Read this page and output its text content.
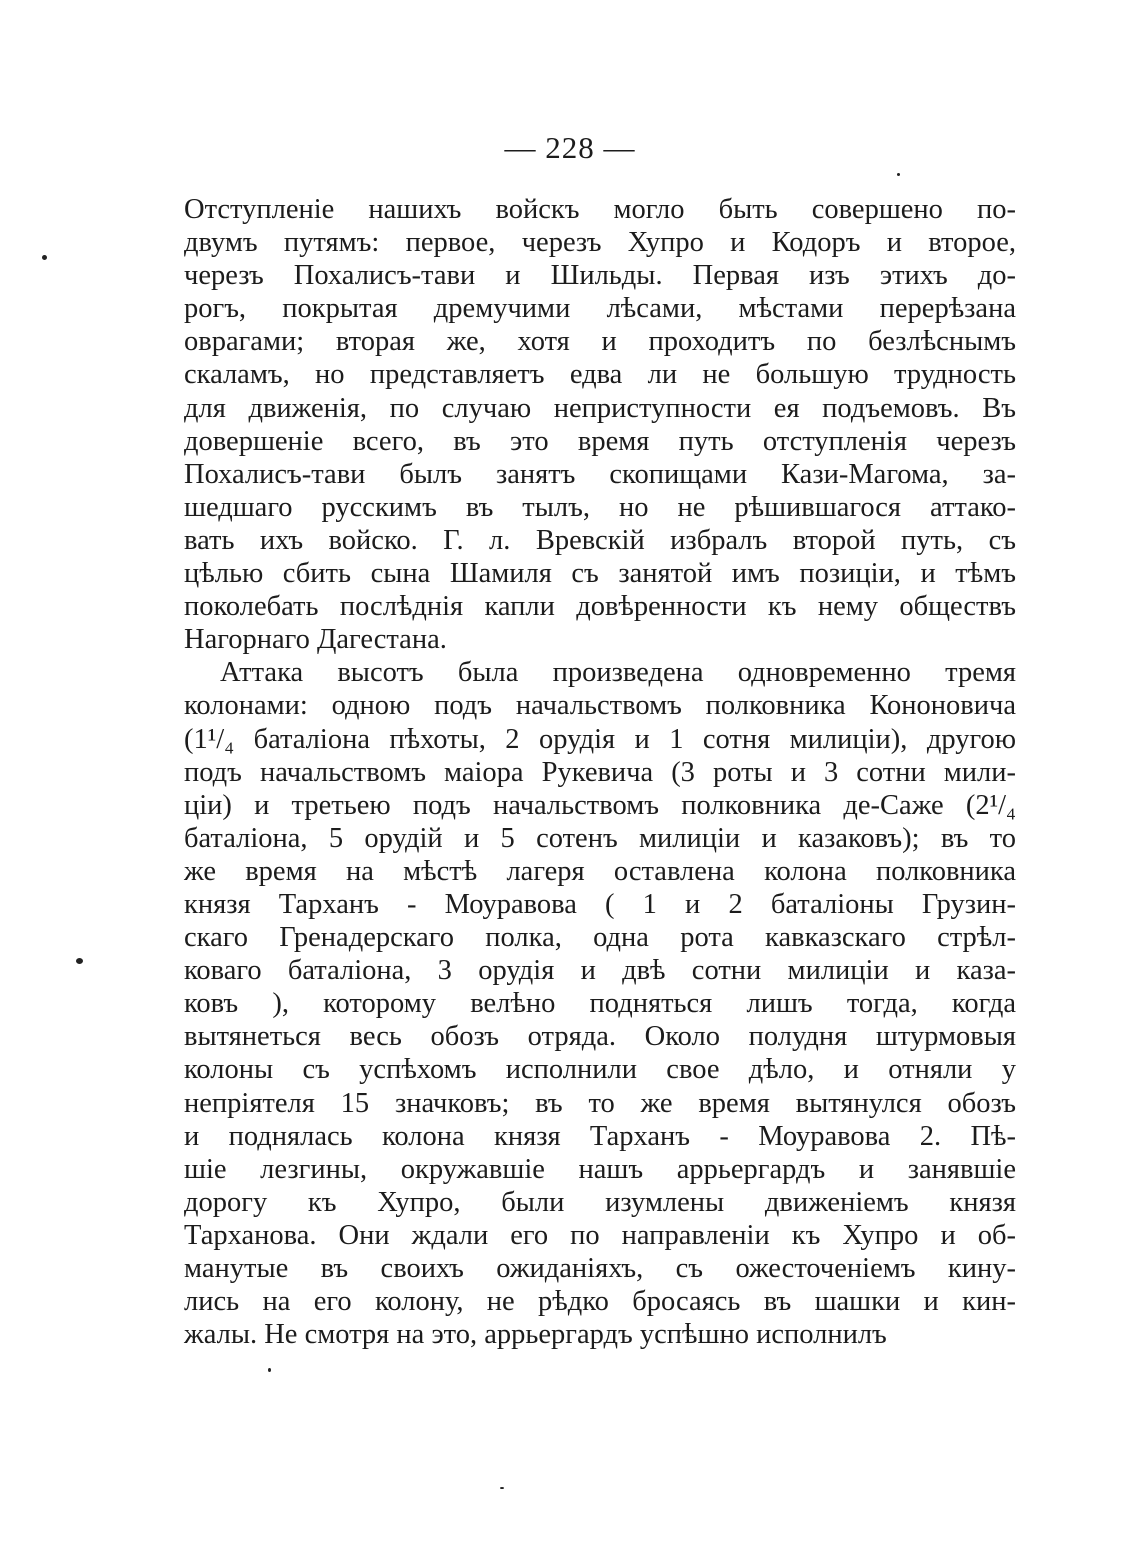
— 228 —
Отступленіе нашихъ войскъ могло быть совершено по-
двумъ путямъ: первое, черезъ Хупро и Кодоръ и второе,
черезъ Похалисъ-тави и Шильды. Первая изъ этихъ до-
рогъ, покрытая дремучими лѣсами, мѣстами перерѣзана
оврагами; вторая же, хотя и проходитъ по безлѣснымъ
скаламъ, но представляетъ едва ли не большую трудность
для движенія, по случаю неприступности ея подъемовъ. Въ
довершеніе всего, въ это время путь отступленія черезъ
Похалисъ-тави былъ занятъ скопищами Кази-Магома, за-
шедшаго русскимъ въ тылъ, но не рѣшившагося аттако-
вать ихъ войско. Г. л. Вревскій избралъ второй путь, съ
цѣлью сбить сына Шамиля съ занятой имъ позиціи, и тѣмъ
поколебать послѣднія капли довѣренности къ нему обществъ
Нагорнаго Дагестана.
Аттака высотъ была произведена одновременно тремя
колонами: одною подъ начальствомъ полковника Кононовича
(1¹/₄ баталіона пѣхоты, 2 орудія и 1 сотня милиціи), другою
подъ начальствомъ маіора Рукевича (3 роты и 3 сотни мили-
ціи) и третьею подъ начальствомъ полковника де-Саже (2¹/₄
баталіона, 5 орудій и 5 сотенъ милиціи и казаковъ); въ то
же время на мѣстѣ лагеря оставлена колона полковника
князя Тарханъ - Моуравова ( 1 и 2 баталіоны Грузин-
скаго Гренадерскаго полка, одна рота кавказскаго стрѣл-
коваго баталіона, 3 орудія и двѣ сотни милиціи и каза-
ковъ ), которому велѣно подняться лишъ тогда, когда
вытянеться весь обозъ отряда. Около полудня штурмовыя
колоны съ успѣхомъ исполнили свое дѣло, и отняли у
непріятеля 15 значковъ; въ то же время вытянулся обозъ
и поднялась колона князя Тарханъ - Моуравова 2. Пѣ-
шіе лезгины, окружавшіе нашъ аррьергардъ и занявшіе
дорогу къ Хупро, были изумлены движеніемъ князя
Тарханова. Они ждали его по направленіи къ Хупро и об-
манутые въ своихъ ожиданіяхъ, съ ожесточеніемъ кину-
лись на его колону, не рѣдко бросаясь въ шашки и кин-
жалы. Не смотря на это, аррьергардъ успѣшно исполнилъ
